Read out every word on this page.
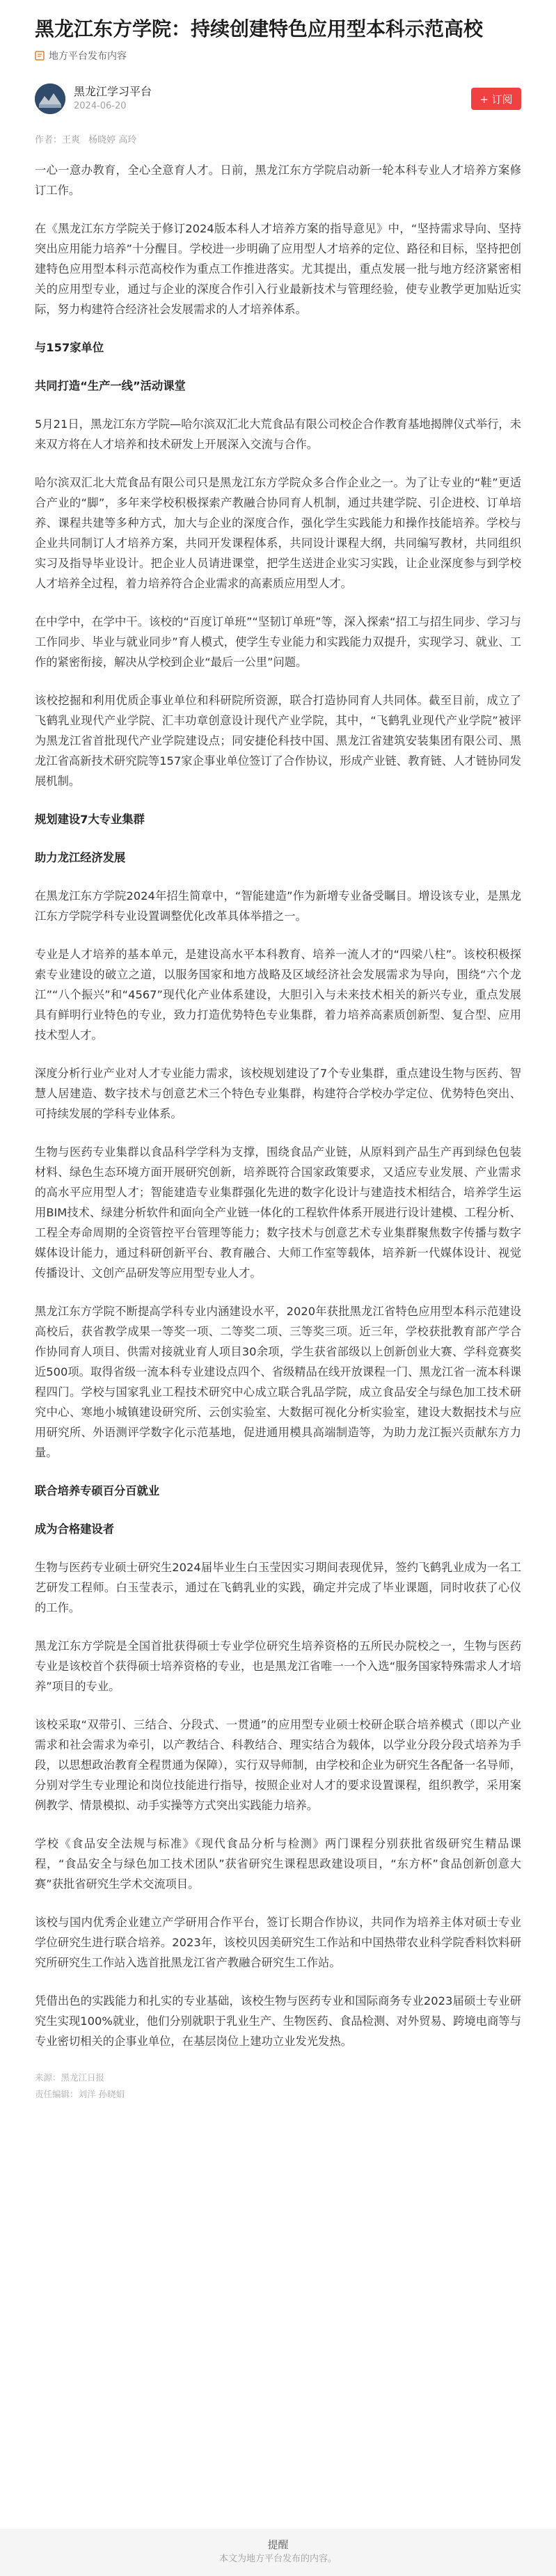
黑龙江东方学院：持续创建特色应用型本科示范高校
地方平台发布内容
黑龙江学习平台
2024-06-20
+ 订阅
作者：王爽 杨晓婷 高玲

一心一意办教育，全心全意育人才。日前，黑龙江东方学院启动新一轮本科专业人才培养方案修订工作。

在《黑龙江东方学院关于修订2024版本科人才培养方案的指导意见》中，“坚持需求导向、坚持突出应用能力培养”十分醒目。学校进一步明确了应用型人才培养的定位、路径和目标，坚持把创建特色应用型本科示范高校作为重点工作推进落实。尤其提出，重点发展一批与地方经济紧密相关的应用型专业，通过与企业的深度合作引入行业最新技术与管理经验，使专业教学更加贴近实际，努力构建符合经济社会发展需求的人才培养体系。

与157家单位
共同打造“生产一线”活动课堂

5月21日，黑龙江东方学院—哈尔滨双汇北大荒食品有限公司校企合作教育基地揭牌仪式举行，未来双方将在人才培养和技术研发上开展深入交流与合作。

哈尔滨双汇北大荒食品有限公司只是黑龙江东方学院众多合作企业之一。为了让专业的“鞋”更适合产业的“脚”，多年来学校积极探索产教融合协同育人机制，通过共建学院、引企进校、订单培养、课程共建等多种方式，加大与企业的深度合作，强化学生实践能力和操作技能培养。学校与企业共同制订人才培养方案，共同开发课程体系，共同设计课程大纲，共同编写教材，共同组织实习及指导毕业设计。把企业人员请进课堂，把学生送进企业实习实践，让企业深度参与到学校人才培养全过程，着力培养符合企业需求的高素质应用型人才。

在中学中，在学中干。该校的“百度订单班”“坚韧订单班”等，深入探索“招工与招生同步、学习与工作同步、毕业与就业同步”育人模式，使学生专业能力和实践能力双提升，实现学习、就业、工作的紧密衔接，解决从学校到企业“最后一公里”问题。

该校挖掘和利用优质企事业单位和科研院所资源，联合打造协同育人共同体。截至目前，成立了飞鹤乳业现代产业学院、汇丰功章创意设计现代产业学院，其中，“飞鹤乳业现代产业学院”被评为黑龙江省首批现代产业学院建设点；同安捷伦科技中国、黑龙江省建筑安装集团有限公司、黑龙江省高新技术研究院等157家企事业单位签订了合作协议，形成产业链、教育链、人才链协同发展机制。

规划建设7大专业集群
助力龙江经济发展

在黑龙江东方学院2024年招生简章中，“智能建造”作为新增专业备受瞩目。增设该专业，是黑龙江东方学院学科专业设置调整优化改革具体举措之一。

专业是人才培养的基本单元，是建设高水平本科教育、培养一流人才的“四梁八柱”。该校积极探索专业建设的破立之道，以服务国家和地方战略及区域经济社会发展需求为导向，围绕“六个龙江”“八个振兴”和“4567”现代化产业体系建设，大胆引入与未来技术相关的新兴专业，重点发展具有鲜明行业特色的专业，致力打造优势特色专业集群，着力培养高素质创新型、复合型、应用技术型人才。

深度分析行业产业对人才专业能力需求，该校规划建设了7个专业集群，重点建设生物与医药、智慧人居建造、数字技术与创意艺术三个特色专业集群，构建符合学校办学定位、优势特色突出、可持续发展的学科专业体系。

生物与医药专业集群以食品科学学科为支撑，围绕食品产业链，从原料到产品生产再到绿色包装材料、绿色生态环境方面开展研究创新，培养既符合国家政策要求，又适应专业发展、产业需求的高水平应用型人才；智能建造专业集群强化先进的数字化设计与建造技术相结合，培养学生运用BIM技术、绿建分析软件和面向全产业链一体化的工程软件体系开展进行设计建模、工程分析、工程全寿命周期的全资管控平台管理等能力；数字技术与创意艺术专业集群聚焦数字传播与数字媒体设计能力，通过科研创新平台、教育融合、大师工作室等载体，培养新一代媒体设计、视觉传播设计、文创产品研发等应用型专业人才。

黑龙江东方学院不断提高学科专业内涵建设水平，2020年获批黑龙江省特色应用型本科示范建设高校后，获省教学成果一等奖一项、二等奖二项、三等奖三项。近三年，学校获批教育部产学合作协同育人项目、供需对接就业育人项目30余项，学生获省部级以上创新创业大赛、学科竞赛奖近500项。取得省级一流本科专业建设点四个、省级精品在线开放课程一门、黑龙江省一流本科课程四门。学校与国家乳业工程技术研究中心成立联合乳品学院，成立食品安全与绿色加工技术研究中心、寒地小城镇建设研究所、云创实验室、大数据可视化分析实验室，建设大数据技术与应用研究所、外语测评学数字化示范基地，促进通用模具高端制造等，为助力龙江振兴贡献东方力量。

联合培养专硕百分百就业
成为合格建设者

生物与医药专业硕士研究生2024届毕业生白玉莹因实习期间表现优异，签约飞鹤乳业成为一名工艺研发工程师。白玉莹表示，通过在飞鹤乳业的实践，确定并完成了毕业课题，同时收获了心仪的工作。

黑龙江东方学院是全国首批获得硕士专业学位研究生培养资格的五所民办院校之一，生物与医药专业是该校首个获得硕士培养资格的专业，也是黑龙江省唯一一个入选“服务国家特殊需求人才培养”项目的专业。

该校采取“双带引、三结合、分段式、一贯通”的应用型专业硕士校研企联合培养模式（即以产业需求和社会需求为牵引，以产教结合、科教结合、理实结合为载体，以学业分段分段式培养为手段，以思想政治教育全程贯通为保障），实行双导师制，由学校和企业为研究生各配备一名导师，分别对学生专业理论和岗位技能进行指导，按照企业对人才的要求设置课程，组织教学，采用案例教学、情景模拟、动手实操等方式突出实践能力培养。

学校《食品安全法规与标准》《现代食品分析与检测》两门课程分别获批省级研究生精品课程，“食品安全与绿色加工技术团队”获省研究生课程思政建设项目，“东方杯”食品创新创意大赛”获批省研究生学术交流项目。

该校与国内优秀企业建立产学研用合作平台，签订长期合作协议，共同作为培养主体对硕士专业学位研究生进行联合培养。2023年，该校贝因美研究生工作站和中国热带农业科学院香料饮料研究所研究生工作站入选首批黑龙江省产教融合研究生工作站。

凭借出色的实践能力和扎实的专业基础，该校生物与医药专业和国际商务专业2023届硕士专业研究生实现100%就业，他们分别就职于乳业生产、生物医药、食品检测、对外贸易、跨境电商等与专业密切相关的企事业单位，在基层岗位上建功立业发光发热。

来源：黑龙江日报
责任编辑：刘洋 孙晓娟
提醒
本文为地方平台发布的内容。
